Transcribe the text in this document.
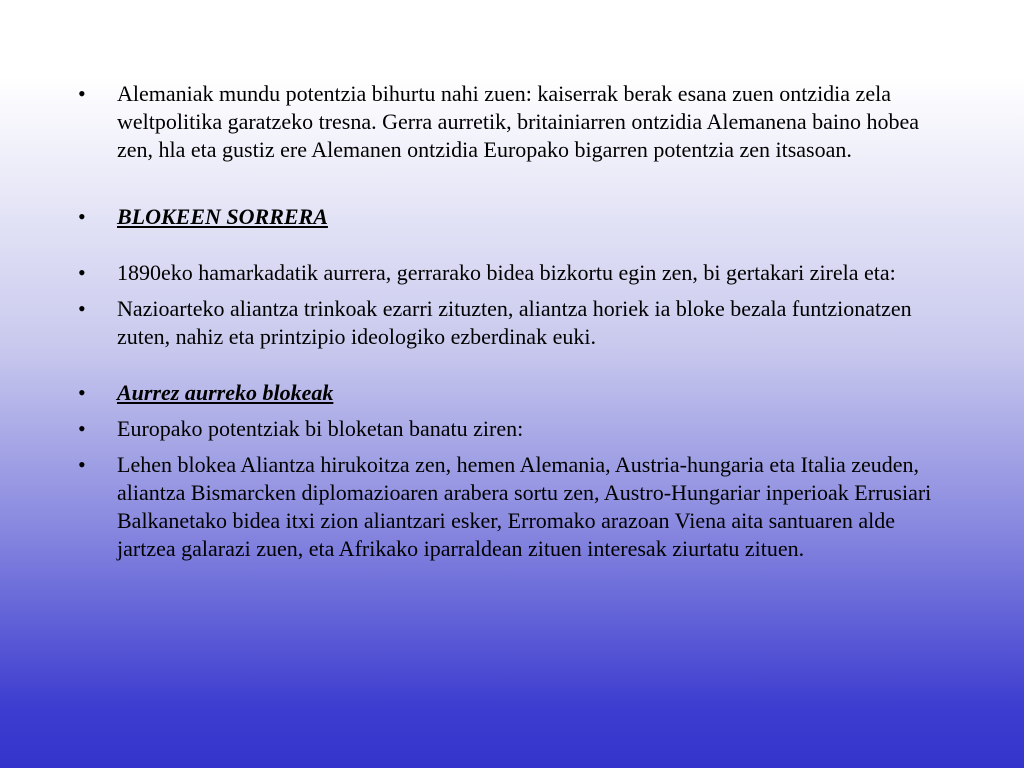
•	Alemaniak mundu potentzia bihurtu nahi zuen: kaiserrak berak esana zuen ontzidia zela weltpolitika garatzeko tresna. Gerra aurretik, britainiarren ontzidia Alemanena baino hobea zen, hla eta gustiz ere Alemanen ontzidia Europako bigarren potentzia zen itsasoan.
•	BLOKEEN SORRERA
•	1890eko hamarkadatik aurrera, gerrarako bidea bizkortu egin zen, bi gertakari zirela eta:
•	Nazioarteko aliantza trinkoak ezarri zituzten, aliantza horiek ia bloke bezala funtzionatzen zuten, nahiz eta printzipio ideologiko ezberdinak euki.
•	Aurrez aurreko blokeak
•	Europako potentziak bi bloketan banatu ziren:
•	Lehen blokea Aliantza hirukoitza zen, hemen Alemania, Austria-hungaria eta Italia zeuden, aliantza Bismarcken diplomazioaren arabera sortu zen, Austro-Hungariar inperioak Errusiari Balkanetako bidea itxi zion aliantzari esker, Erromako arazoan Viena aita santuaren alde jartzea galarazi zuen, eta Afrikako iparraldean zituen interesak ziurtatu zituen.
